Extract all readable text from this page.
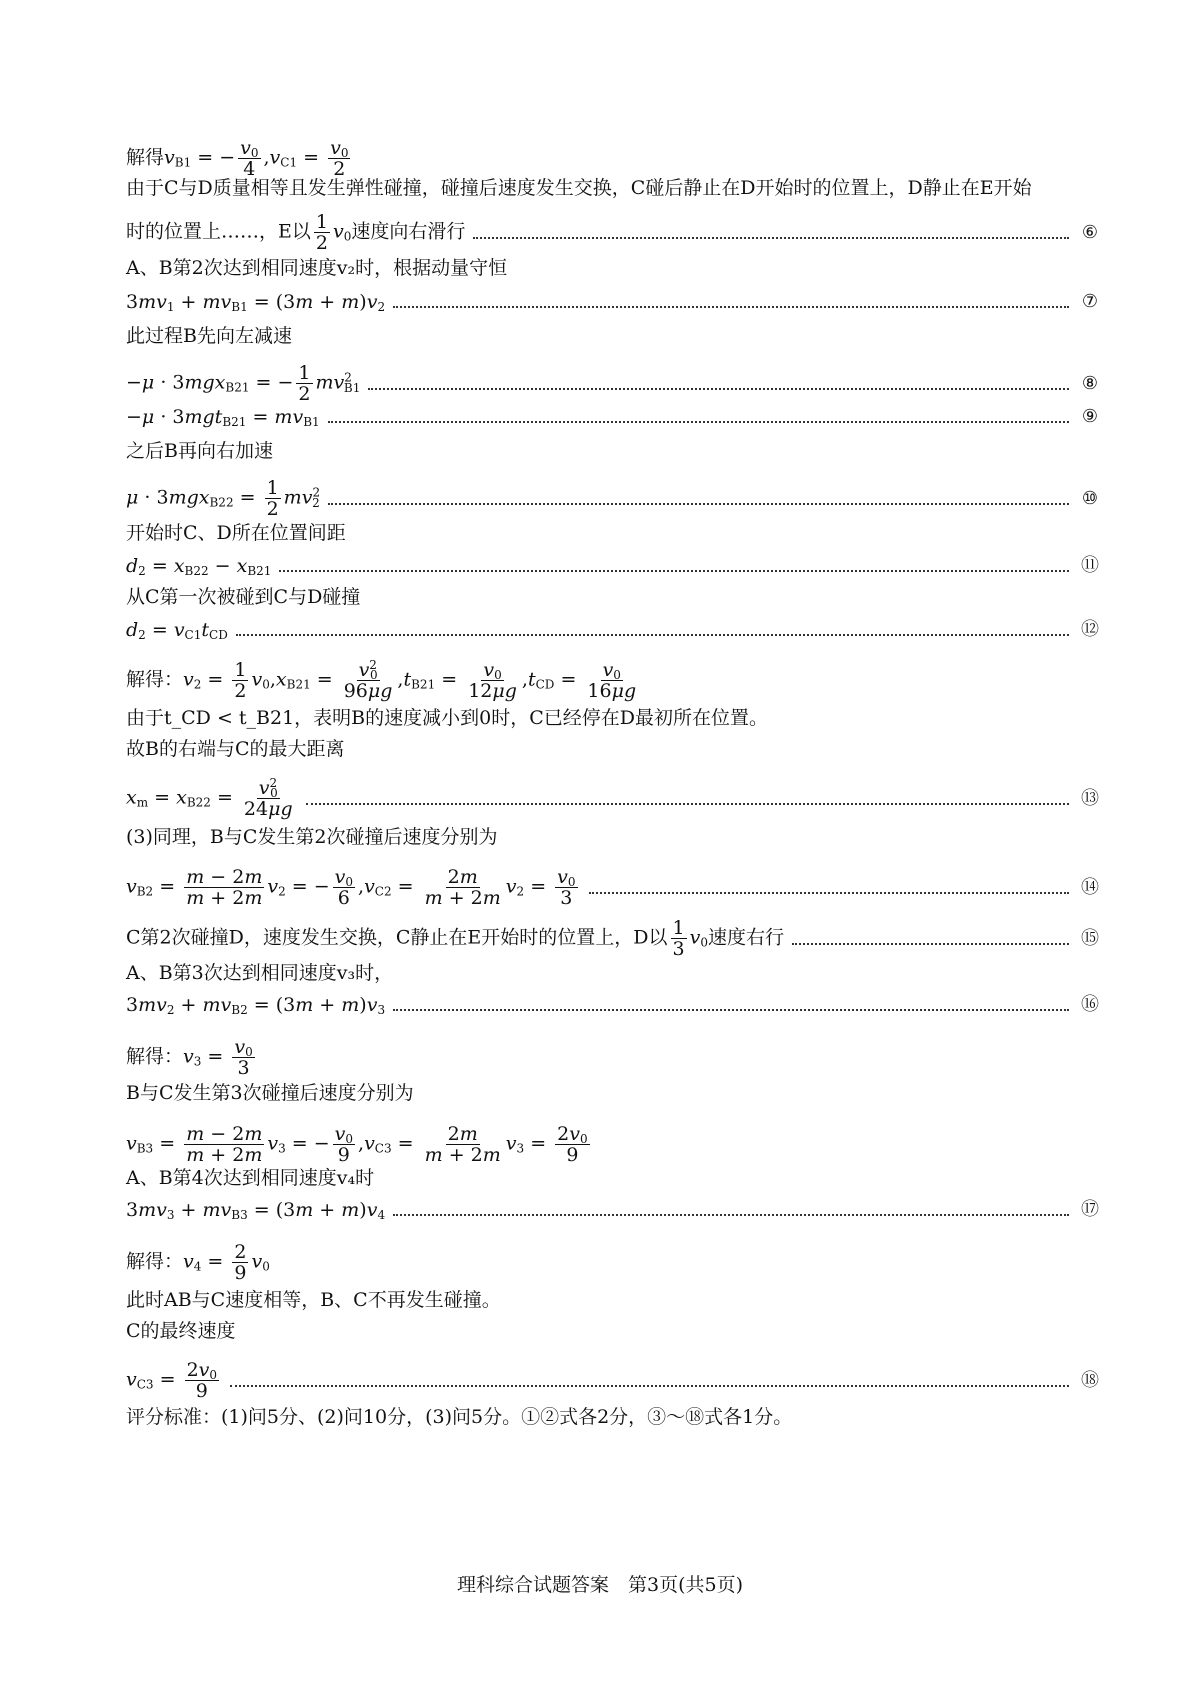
解得$v_{B1}$ = − $\frac{v_0}{4} ,v_{C1} = \frac{v_0}{2}$
由于C与D质量相等且发生弹性碰撞，碰撞后速度发生交换，C碰后静止在D开始时的位置上，D静止在E开始
时的位置上……，E以 $\frac{1}{2} v_0$速度向右滑行	⑥
A、B第2次达到相同速度v₂时，根据动量守恒
$3mv_1 + mv_{B1} = (3m + m)v_2$	⑦
此过程B先向左减速
−μ · 3mgx$_{B21}$ = − $\frac{1}{2} mv^2_{B1}$	⑧
$-\mu \cdot 3mgt_{B21} = mv_{B1}$	⑨
之后B再向右加速
$\mu \cdot 3mgx_{B22} = \frac{1}{2} mv^2_2$	⑩
开始时C、D所在位置间距
$d_2 = x_{B22} - x_{B21}$	⑪
从C第一次被碰到C与D碰撞
$d_2 = v_{C1}t_{CD}$	⑫
解得：$v_2 = \frac{1}{2} v_0,x_{B21} = \frac{v^2_0}{96\mu g} ,t_{B21} = \frac{v_0}{12\mu g} ,t_{CD} = \frac{v_0}{16\mu g}$
由于t_CD < t_B21，表明B的速度减小到0时，C已经停在D最初所在位置。
故B的右端与C的最大距离
$x_m = x_{B22} = \frac{v^2_0}{24\mu g}$	⑬
(3)同理，B与C发生第2次碰撞后速度分别为
$v_{B2} = \frac{m - 2m}{m + 2m} v_2$ = − $\frac{v_0}{6} ,v_{C2} = \frac{2m}{m + 2m} v_2 = \frac{v_0}{3}$	⑭
C第2次碰撞D，速度发生交换，C静止在E开始时的位置上，D以 $\frac{1}{3} v_0$速度右行	⑮
A、B第3次达到相同速度v₃时，
$3mv_2 + mv_{B2} = (3m + m)v_3$	⑯
解得：$v_3 = \frac{v_0}{3}$
B与C发生第3次碰撞后速度分别为
$v_{B3} = \frac{m - 2m}{m + 2m} v_3$ = − $\frac{v_0}{9} ,v_{C3} = \frac{2m}{m + 2m} v_3 = \frac{2v_0}{9}$
A、B第4次达到相同速度v₄时
$3mv_3 + mv_{B3} = (3m + m)v_4$	⑰
解得：$v_4 = \frac{2}{9} v_0$
此时AB与C速度相等，B、C不再发生碰撞。
C的最终速度
$v_{C3} = \frac{2v_0}{9}$	⑱
评分标准：(1)问5分、(2)问10分，(3)问5分。①②式各2分，③～⑱式各1分。
理科综合试题答案　第3页(共5页)
